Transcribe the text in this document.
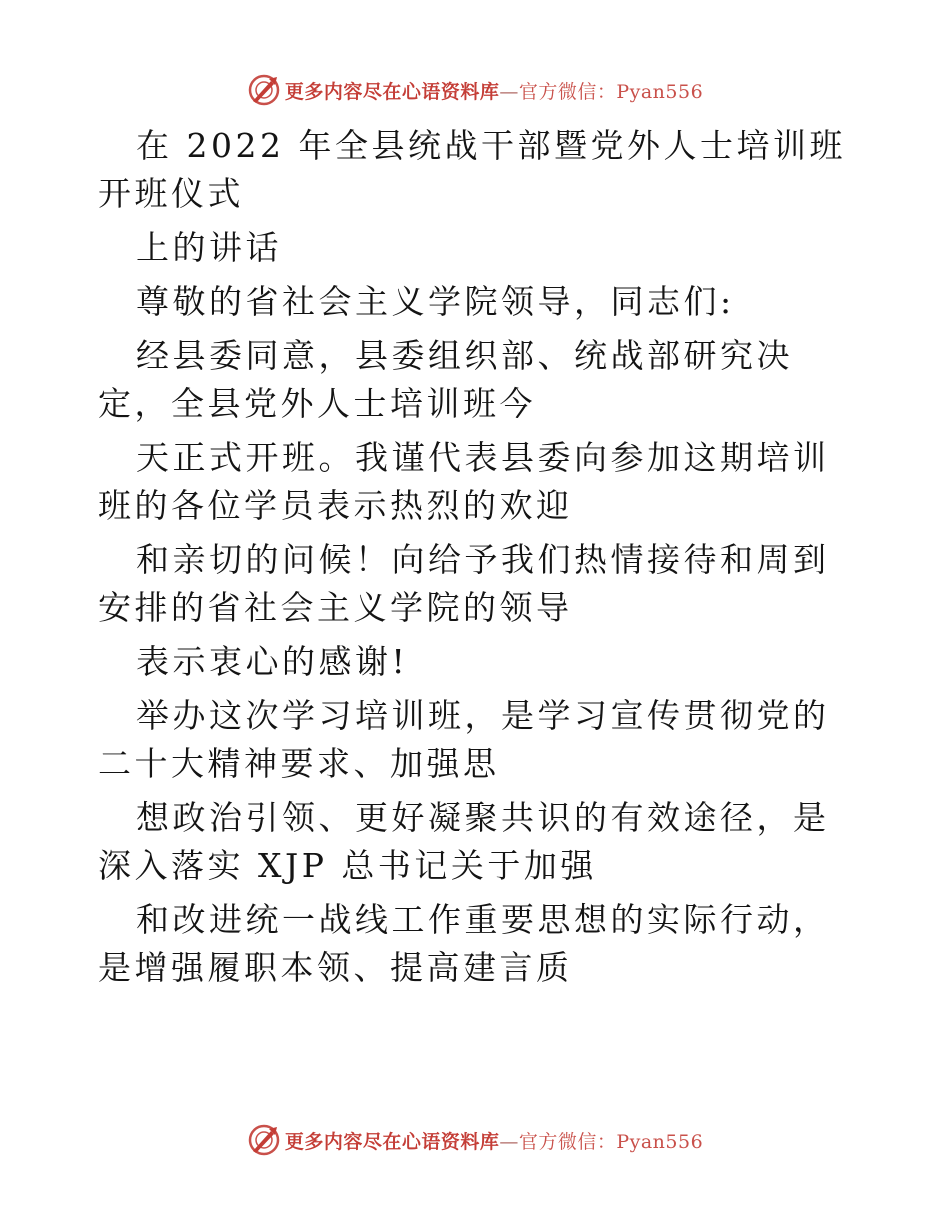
更多内容尽在心语资料库—官方微信：Pyan556

在 2022 年全县统战干部暨党外人士培训班开班仪式

上的讲话

尊敬的省社会主义学院领导，同志们:

经县委同意，县委组织部、统战部研究决定，全县党外人士培训班今

天正式开班。我谨代表县委向参加这期培训班的各位学员表示热烈的欢迎

和亲切的问候！向给予我们热情接待和周到安排的省社会主义学院的领导

表示衷心的感谢!

举办这次学习培训班，是学习宣传贯彻党的二十大精神要求、加强思

想政治引领、更好凝聚共识的有效途径，是深入落实 XJP 总书记关于加强

和改进统一战线工作重要思想的实际行动，是增强履职本领、提高建言质

更多内容尽在心语资料库—官方微信：Pyan556
